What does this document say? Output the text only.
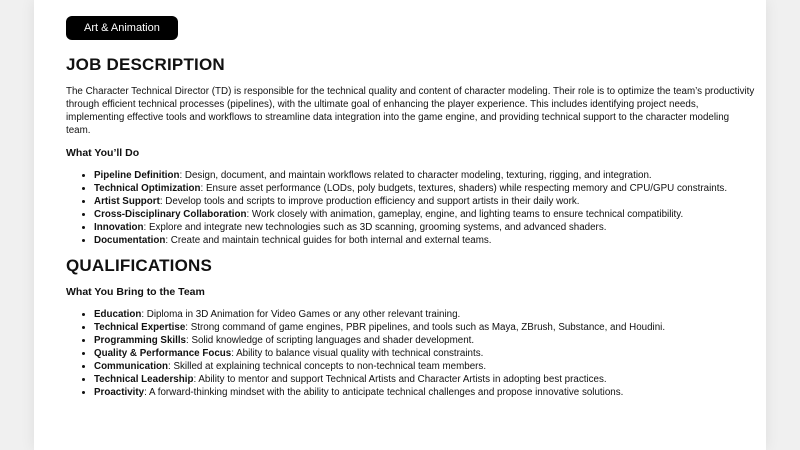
Art & Animation
JOB DESCRIPTION

The Character Technical Director (TD) is responsible for the technical quality and content of character modeling. Their role is to optimize the team’s productivity through efficient technical processes (pipelines), with the ultimate goal of enhancing the player experience. This includes identifying project needs, implementing effective tools and workflows to streamline data integration into the game engine, and providing technical support to the character modeling team.

What You’ll Do
• Pipeline Definition: Design, document, and maintain workflows related to character modeling, texturing, rigging, and integration.
• Technical Optimization: Ensure asset performance (LODs, poly budgets, textures, shaders) while respecting memory and CPU/GPU constraints.
• Artist Support: Develop tools and scripts to improve production efficiency and support artists in their daily work.
• Cross-Disciplinary Collaboration: Work closely with animation, gameplay, engine, and lighting teams to ensure technical compatibility.
• Innovation: Explore and integrate new technologies such as 3D scanning, grooming systems, and advanced shaders.
• Documentation: Create and maintain technical guides for both internal and external teams.
QUALIFICATIONS
What You Bring to the Team
• Education: Diploma in 3D Animation for Video Games or any other relevant training.
• Technical Expertise: Strong command of game engines, PBR pipelines, and tools such as Maya, ZBrush, Substance, and Houdini.
• Programming Skills: Solid knowledge of scripting languages and shader development.
• Quality & Performance Focus: Ability to balance visual quality with technical constraints.
• Communication: Skilled at explaining technical concepts to non-technical team members.
• Technical Leadership: Ability to mentor and support Technical Artists and Character Artists in adopting best practices.
• Proactivity: A forward-thinking mindset with the ability to anticipate technical challenges and propose innovative solutions.
